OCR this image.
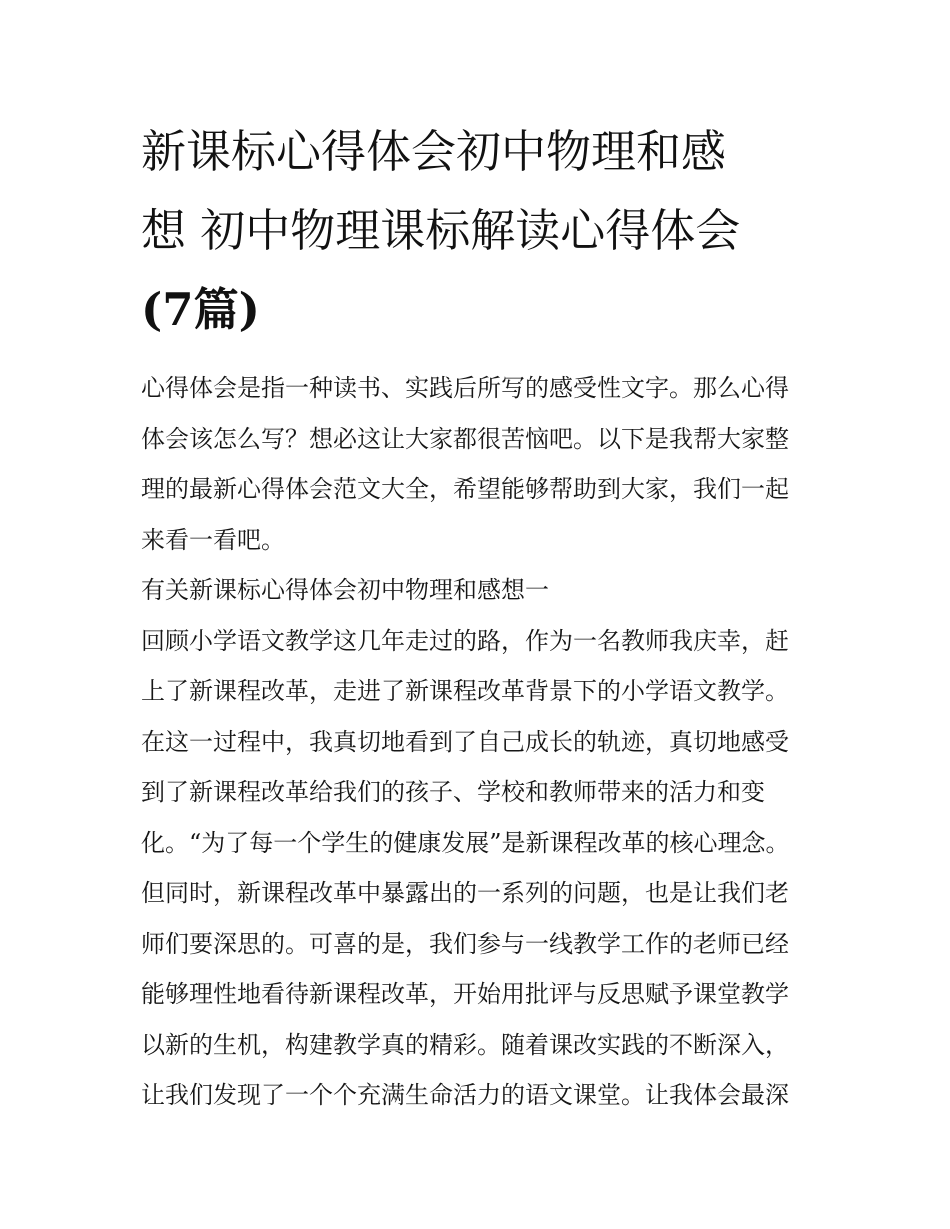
新课标心得体会初中物理和感
想 初中物理课标解读心得体会
(7篇)
心得体会是指一种读书、实践后所写的感受性文字。那么心得
体会该怎么写？想必这让大家都很苦恼吧。以下是我帮大家整
理的最新心得体会范文大全，希望能够帮助到大家，我们一起
来看一看吧。
有关新课标心得体会初中物理和感想一
回顾小学语文教学这几年走过的路，作为一名教师我庆幸，赶
上了新课程改革，走进了新课程改革背景下的小学语文教学。
在这一过程中，我真切地看到了自己成长的轨迹，真切地感受
到了新课程改革给我们的孩子、学校和教师带来的活力和变
化。“为了每一个学生的健康发展”是新课程改革的核心理念。
但同时，新课程改革中暴露出的一系列的问题，也是让我们老
师们要深思的。可喜的是，我们参与一线教学工作的老师已经
能够理性地看待新课程改革，开始用批评与反思赋予课堂教学
以新的生机，构建教学真的精彩。随着课改实践的不断深入，
让我们发现了一个个充满生命活力的语文课堂。让我体会最深
